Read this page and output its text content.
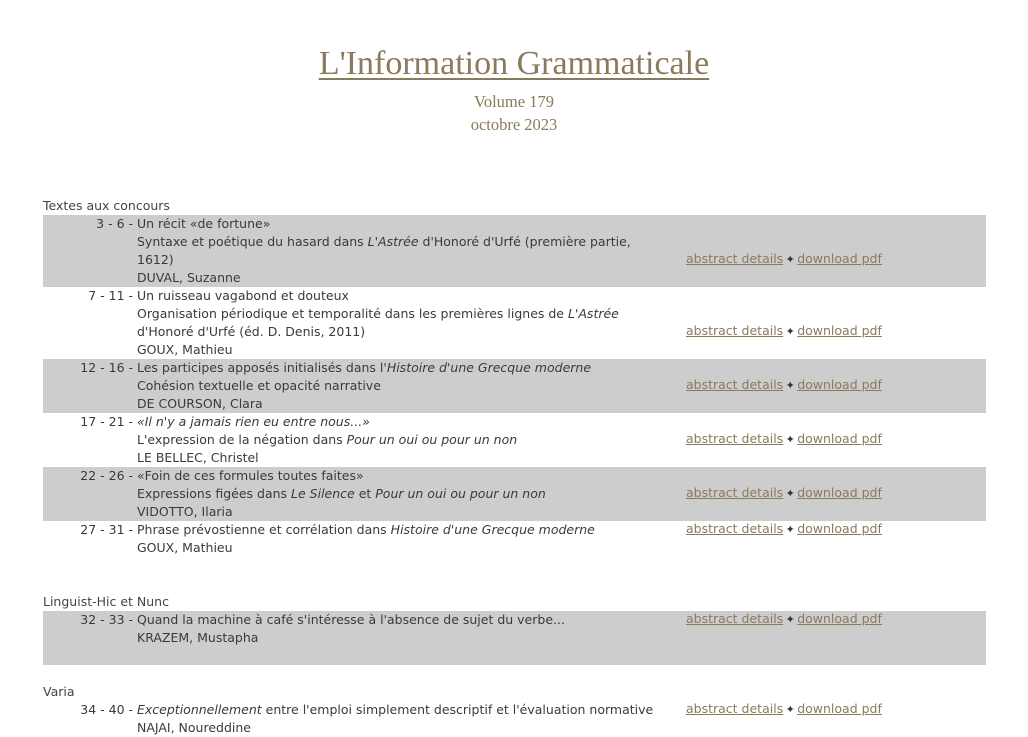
L'Information Grammaticale
Volume 179
octobre 2023
Textes aux concours
3 - 6 - Un récit «de fortune»
Syntaxe et poétique du hasard dans L'Astrée d'Honoré d'Urfé (première partie, 1612)
DUVAL, Suzanne
abstract details ✦ download pdf
7 - 11 - Un ruisseau vagabond et douteux
Organisation périodique et temporalité dans les premières lignes de L'Astrée d'Honoré d'Urfé (éd. D. Denis, 2011)
GOUX, Mathieu
abstract details ✦ download pdf
12 - 16 - Les participes apposés initialisés dans l'Histoire d'une Grecque moderne
Cohésion textuelle et opacité narrative
DE COURSON, Clara
abstract details ✦ download pdf
17 - 21 - «Il n'y a jamais rien eu entre nous...»
L'expression de la négation dans Pour un oui ou pour un non
LE BELLEC, Christel
abstract details ✦ download pdf
22 - 26 - «Foin de ces formules toutes faites»
Expressions figées dans Le Silence et Pour un oui ou pour un non
VIDOTTO, Ilaria
abstract details ✦ download pdf
27 - 31 - Phrase prévostienne et corrélation dans Histoire d'une Grecque moderne
GOUX, Mathieu
abstract details ✦ download pdf
Linguist-Hic et Nunc
32 - 33 - Quand la machine à café s'intéresse à l'absence de sujet du verbe...
KRAZEM, Mustapha
abstract details ✦ download pdf
Varia
34 - 40 - Exceptionnellement entre l'emploi simplement descriptif et l'évaluation normative
NAJAI, Noureddine
abstract details ✦ download pdf
